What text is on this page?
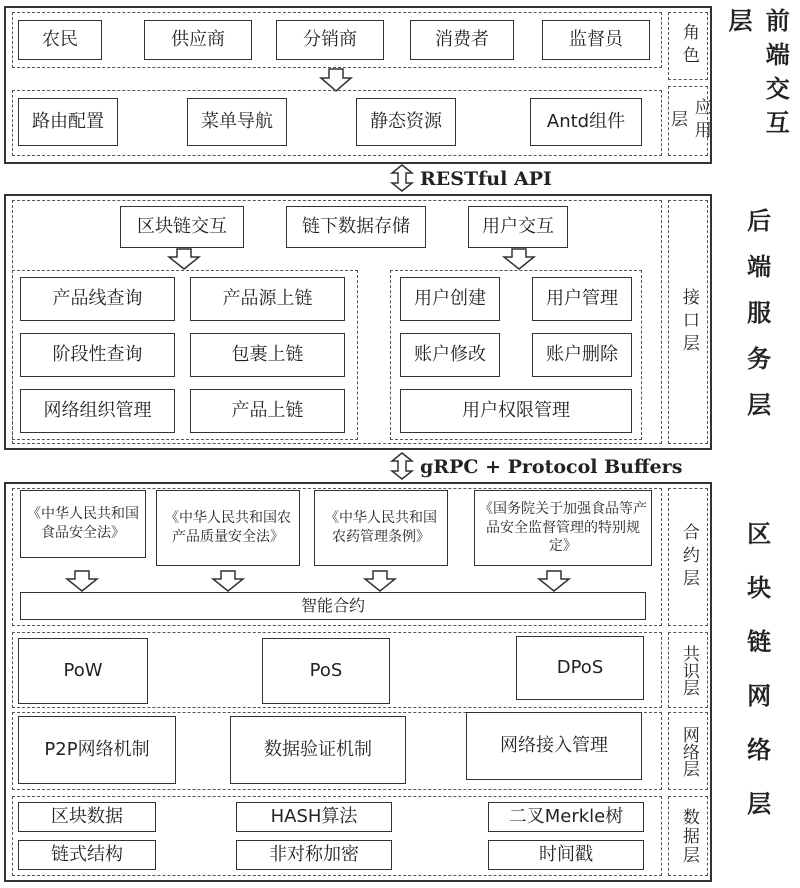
农民	供应商	分销商	消费者	监督员
路由配置	菜单导航	静态资源	Antd组件
角色
应用层	前端交互层
RESTful API
区块链交互	链下数据存储	用户交互
产品线查询	产品源上链
阶段性查询	包裹上链
网络组织管理	产品上链
用户创建	用户管理
账户修改	账户删除
用户权限管理
接口层	后端服务层
gRPC + Protocol Buffers
《中华人民共和国食品安全法》
《中华人民共和国农产品质量安全法》
《中华人民共和国农药管理条例》
《国务院关于加强食品等产品安全监督管理的特别规定》
智能合约
PoW	PoS	DPoS
P2P网络机制	数据验证机制	网络接入管理
区块数据	HASH算法	二叉Merkle树
链式结构	非对称加密	时间戳
合约层
共识层
网络层
数据层	区块链网络层
